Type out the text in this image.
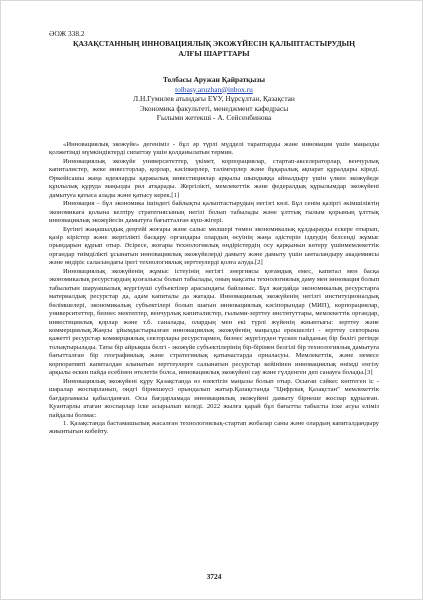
ӘОЖ 338.2
ҚАЗАҚСТАННЫҢ ИННОВАЦИЯЛЫҚ ЭКОЖҮЙЕСІН ҚАЛЫПТАСТЫРУДЫҢ
АЛҒЫ ШАРТТАРЫ
Толбасы Аружан Қайратқызы
tolbasy.aruzhan@inbox.ru
Л.Н.Гумилев атындағы ЕҰУ, Нұрсұлтан, Қазақстан
Экономика факультеті, менеджмент кафедрасы
Ғылыми жетекші - А. Сейсенбинова

«Инновациялық экожүйе» дегеніміз - бұл әр түрлі мүдделі тараптарды және инновация үшін маңызды қолжетімді мүмкіндіктерді сипаттау үшін қолданылатын термин.

Инновациялық экожүйе университеттер, үкімет, корпорациялар, стартап-акселераторлар, венчурлық капиталистер, жеке инвесторлар, қорлар, кәсіпкерлер, тәлімгерлер және бұқаралық ақпарат құралдары кіреді. Өркейісашы жаңа идеяларды қаржылық инвестициялар арқылы шындыққа айналдыру үшін үлкен экожүйеде құнлылық құруда маңызды рөл атқарады. Жергілікті, мемлекеттік және федералдық құрылымдар экожүйені дамытуға қатыса алады және қатысу керек.[1]

Инновация – бұл экономика ішіндегі байлықты қалыптастырудың негізгі көзі. Бұл сенім қазіргі әкімшіліктің экономикаға қолына келтіру стратегиясының негізі болып табылады және ұлттық ғылым қорының ұлттық инновациялық экожүйесін дамытуға бағытталған күш-жігері.

Бүгінгі жаңашылдық деңгейі жоғары және салыс мөлшері төмен экономикалық құлдырауды ескере отырып, қазір кірістер және жергілікті басқару органдары олардың өсуінің жаңа әдістерін іздеудің белсенді жұмыс орындарын құрып отыр. Әсіресе, жоғары технологиялық өндірістердің осу қарқынын көтеру үшінмемлекеттік органдар тиімділікті ұсынатын инновациялық экожүйелерді дамыту және дамыту үшін ынталандыру академиясы және өндіріс саласындағы ірегі технологиялық зерттеулерді қолға алуда.[2]

Инновациялық экожүйенің жұмыс істеуінің негізгі энергиясы қоғамдық емес, капитал мен басқа экономикалық ресурстардың қозғалысы болып табылады, оның мақсаты технологиялық даму мен инновация болып табылатын шаруашылық жүргізуші субъектілер арасындағы байланыс. Бұл жағдайда экономикалық ресурстарға материалдық ресурстар да, адам капиталы да жатады. Инновациялық экожүйенің негізгі институционалдық бөлімшелері, экономикалық субъектілері болып шағын инновациялық кәсіпорындар (МИП), корпорациялар, университеттер, бизнес мектептер, венчурлық капиталистер, ғылыми-зерттеу институттары, мемлекеттік органдар, инвестициялық қорлар және т.б. саналады, олардың мен екі түрлі жүйенің жиынтығы: зерттеу және коммерциялық.Жаңсы ұйымдастырылған инновациялық экожүйенің маңызды ерекшелігі - зерттеу секторына қажетті ресурстар коммерциялық секторлары ресурстармен, бизнес жүргізуден түскен пайданың бір бөлігі ретінде толықтырылады. Таты бір айрықша белгі - экожүйе субъектілерінің бір-бірімен белгілі бір технологиялық дамытуға бағытталған бір географиялық және стратегиялық қатынастарда орналасуы. Мемлекеттік, және немесе корпоративті капиталдан алынатын зерттеулерге салынатын ресурстар кейінінен инновациялық өнімді енгізу арқылы өскен пайда есебінен өтелетін болса, инновациялық экожүйені сау және гүлденген деп санауға болады.[3]

Инновациялық экожүйені құру Қазақстанда өз өзектігін маңызы болып отыр. Осыған сәйкес көптеген іс - шаралар жоспарланып, оидгі бірнешеусі орындалып жатыр.Қазақстанда "Цифрлық Қазақстан" мемлекеттік бағдарламасы қабылданған. Осы бағдарламада инновациялық экожүйені дамыту бірнеше жоспар құрылған. Қуантарлы атаған жоспарлар іске асырылып келеді. 2022 жылға қарай бұл бағытты табысты іске асуы еліміз пайдалы болмас:

1. Қазақстанда бастамашылық жасалған технологиялық-стартап жобалар саны және олардың капиталдандыру жиынтығын кобейту.

3724
